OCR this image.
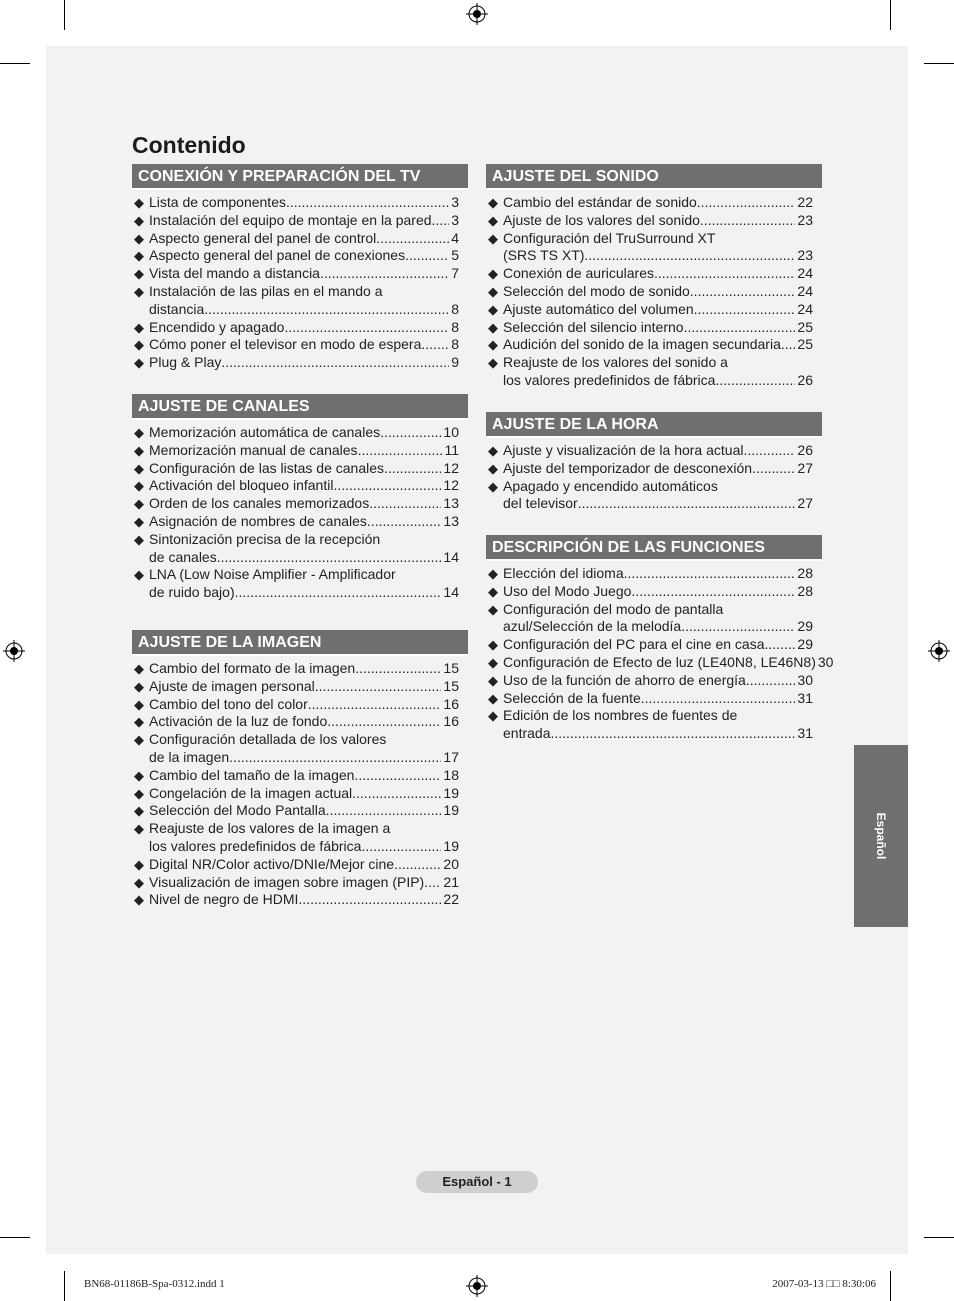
Contenido
CONEXIÓN Y PREPARACIÓN DEL TV
◆ Lista de componentes .....	3
◆ Instalación del equipo de montaje en la pared ..... 3
◆ Aspecto general del panel de control .....	4
◆ Aspecto general del panel de conexiones .....	5
◆ Vista del mando a distancia .....	7
◆ Instalación de las pilas en el mando a
distancia .....	8
◆ Encendido y apagado .....	8
◆ Cómo poner el televisor en modo de espera ..... 8
◆ Plug & Play .....	9
AJUSTE DE CANALES
◆ Memorización automática de canales .....	10
◆ Memorización manual de canales .....	11
◆ Configuración de las listas de canales .....	12
◆ Activación del bloqueo infantil .....	12
◆ Orden de los canales memorizados .....	13
◆ Asignación de nombres de canales .....	13
◆ Sintonización precisa de la recepción
de canales .....	14
◆ LNA (Low Noise Amplifier - Amplificador
de ruido bajo) .....	14
AJUSTE DE LA IMAGEN
◆ Cambio del formato de la imagen .....	15
◆ Ajuste de imagen personal .....	15
◆ Cambio del tono del color .....	16
◆ Activación de la luz de fondo .....	16
◆ Configuración detallada de los valores
de la imagen .....	17
◆ Cambio del tamaño de la imagen .....	18
◆ Congelación de la imagen actual .....	19
◆ Selección del Modo Pantalla .....	19
◆ Reajuste de los valores de la imagen a
los valores predefinidos de fábrica .....	19
◆ Digital NR/Color activo/DNIe/Mejor cine .....	20
◆ Visualización de imagen sobre imagen (PIP) ..... 21
◆ Nivel de negro de HDMI .....	22
AJUSTE DEL SONIDO
◆ Cambio del estándar de sonido .....	22
◆ Ajuste de los valores del sonido .....	23
◆ Configuración del TruSurround XT
(SRS TS XT) .....	23
◆ Conexión de auriculares .....	24
◆ Selección del modo de sonido .....	24
◆ Ajuste automático del volumen .....	24
◆ Selección del silencio interno .....	25
◆ Audición del sonido de la imagen secundaria ..... 25
◆ Reajuste de los valores del sonido a
los valores predefinidos de fábrica .....	26
AJUSTE DE LA HORA
◆ Ajuste y visualización de la hora actual .....	26
◆ Ajuste del temporizador de desconexión .....	27
◆ Apagado y encendido automáticos
del televisor .....	27
DESCRIPCIÓN DE LAS FUNCIONES
◆ Elección del idioma .....	28
◆ Uso del Modo Juego .....	28
◆ Configuración del modo de pantalla
azul/Selección de la melodía .....	29
◆ Configuración del PC para el cine en casa ..... 29
◆ Configuración de Efecto de luz (LE40N8, LE46N8) 30
◆ Uso de la función de ahorro de energía .....	30
◆ Selección de la fuente .....	31
◆ Edición de los nombres de fuentes de
entrada .....	31
Español
Español - 1
BN68-01186B-Spa-0312.indd 1	2007-03-13 □□ 8:30:06
